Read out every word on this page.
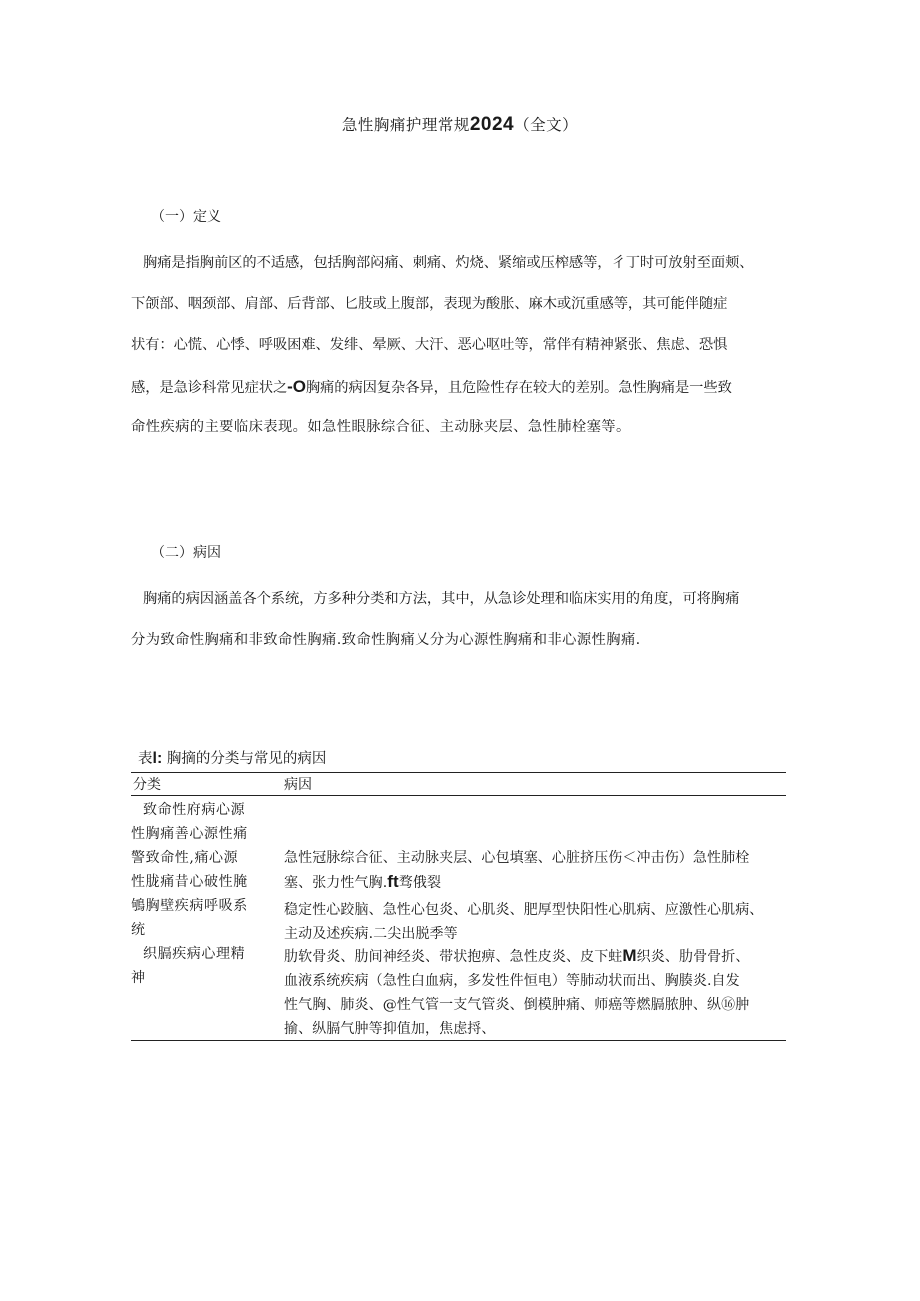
急性胸痛护理常规2024（全文）
（一）定义
胸痛是指胸前区的不适感，包括胸部闷痛、刺痛、灼烧、紧缩或压榨感等，彳丁时可放射至面颊、
下颌部、咽颈部、肩部、后背部、匕肢或上腹部，表现为酸胀、麻木或沉重感等，其可能伴随症
状有：心慌、心悸、呼吸困难、发绯、晕厥、大汗、恶心呕吐等，常伴有精神紧张、焦虑、恐惧
感，是急诊科常见症状之-O胸痛的病因复杂各异，且危险性存在较大的差别。急性胸痛是一些致
命性疾病的主要临床表现。如急性眼脉综合征、主动脉夹层、急性肺栓塞等。
（二）病因
胸痛的病因涵盖各个系统，方多种分类和方法，其中，从急诊处理和临床实用的角度，可将胸痛
分为致命性胸痛和非致命性胸痛.致命性胸痛乂分为心源性胸痛和非心源性胸痛.
表l: 胸摘的分类与常见的病因
分类	病因
致命性府病心源
性胸痛善心源性痛
警致命性,痛心源
性胧痛昔心破性腌
鴝胸壁疾病呼吸系
统
织膈疾病心理精
神
急性冠脉综合征、主动脉夹层、心包填塞、心脏挤压伤＜冲击伤）急性肺栓
塞、张力性气胸.ft骛俄裂
稳定性心跤脑、急性心包炎、心肌炎、肥厚型快阳性心肌病、应激性心肌病、
主动及述疾病.二尖出脱季等
肋软骨炎、肋间神经炎、带状抱痹、急性皮炎、皮下蛀M织炎、肋骨骨折、
血液系统疾病（急性白血病，多发性件恒电）等肺动状而出、胸腠炎.自发
性气胸、肺炎、@性气管一支气管炎、倒模肿痛、师癌等燃膈脓肿、纵⑯肿
揄、纵膈气肿等抑值加，焦虑捋、
